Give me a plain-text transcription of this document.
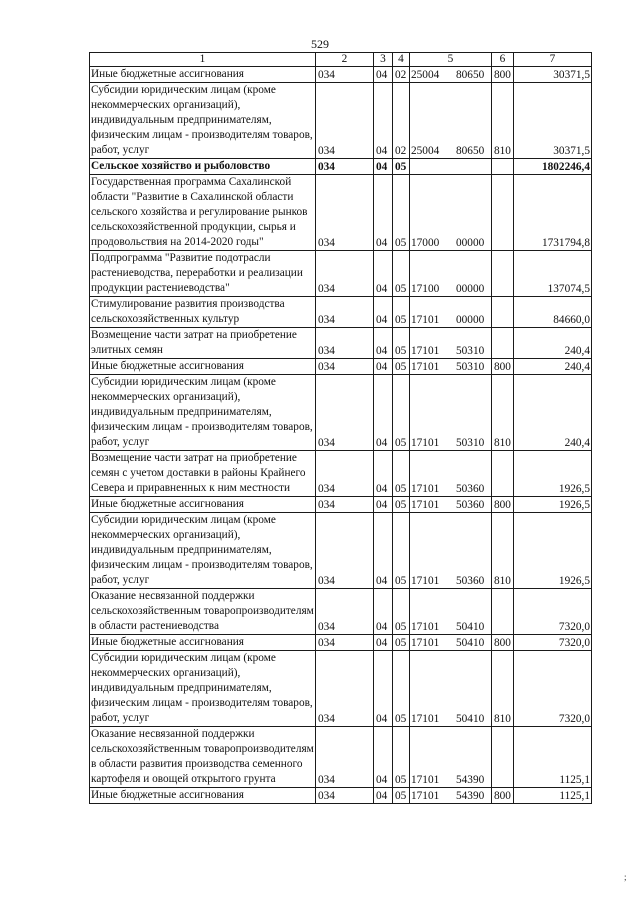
529
1	2	3	4	5	6	7
Иные бюджетные ассигнования	034	04	02	25004 80650	800	30371,5
Субсидии юридическим лицам (кроме некоммерческих организаций), индивидуальным предпринимателям, физическим лицам - производителям товаров, работ, услуг	034	04	02	25004 80650	810	30371,5
Сельское хозяйство и рыболовство	034	04	05			1802246,4
Государственная программа Сахалинской области "Развитие в Сахалинской области сельского хозяйства и регулирование рынков сельскохозяйственной продукции, сырья и продовольствия на 2014-2020 годы"	034	04	05	17000 00000		1731794,8
Подпрограмма "Развитие подотрасли растениеводства, переработки и реализации продукции растениеводства"	034	04	05	17100 00000		137074,5
Стимулирование развития производства сельскохозяйственных культур	034	04	05	17101 00000		84660,0
Возмещение части затрат на приобретение элитных семян	034	04	05	17101 50310		240,4
Иные бюджетные ассигнования	034	04	05	17101 50310	800	240,4
Субсидии юридическим лицам (кроме некоммерческих организаций), индивидуальным предпринимателям, физическим лицам - производителям товаров, работ, услуг	034	04	05	17101 50310	810	240,4
Возмещение части затрат на приобретение семян с учетом доставки в районы Крайнего Севера и приравненных к ним местности	034	04	05	17101 50360		1926,5
Иные бюджетные ассигнования	034	04	05	17101 50360	800	1926,5
Субсидии юридическим лицам (кроме некоммерческих организаций), индивидуальным предпринимателям, физическим лицам - производителям товаров, работ, услуг	034	04	05	17101 50360	810	1926,5
Оказание несвязанной поддержки сельскохозяйственным товаропроизводителям в области растениеводства	034	04	05	17101 50410		7320,0
Иные бюджетные ассигнования	034	04	05	17101 50410	800	7320,0
Субсидии юридическим лицам (кроме некоммерческих организаций), индивидуальным предпринимателям, физическим лицам - производителям товаров, работ, услуг	034	04	05	17101 50410	810	7320,0
Оказание несвязанной поддержки сельскохозяйственным товаропроизводителям в области развития производства семенного картофеля и овощей открытого грунта	034	04	05	17101 54390		1125,1
Иные бюджетные ассигнования	034	04	05	17101 54390	800	1125,1
;
